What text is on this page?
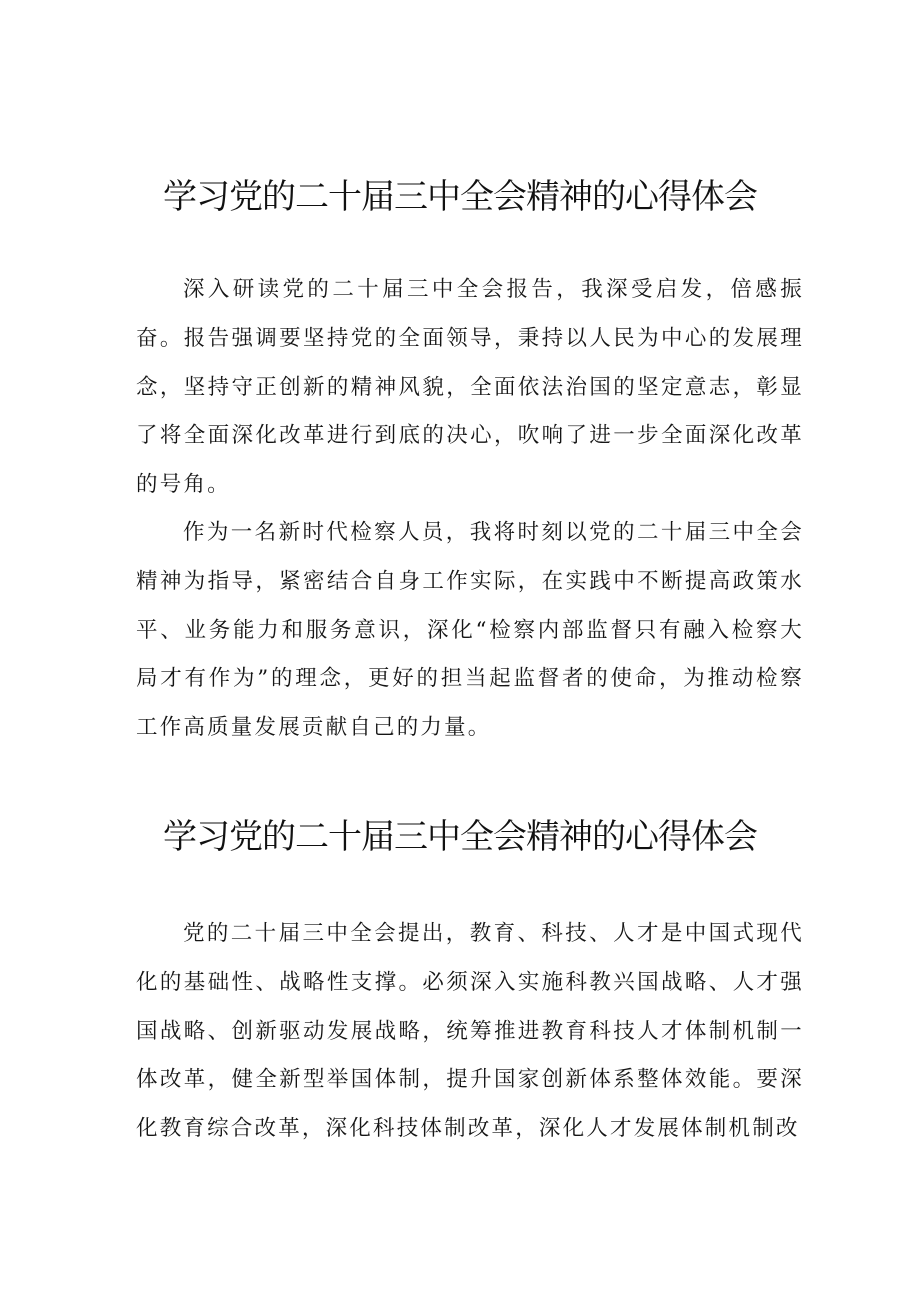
学习党的二十届三中全会精神的心得体会

深入研读党的二十届三中全会报告，我深受启发，倍感振奋。报告强调要坚持党的全面领导，秉持以人民为中心的发展理念，坚持守正创新的精神风貌，全面依法治国的坚定意志，彰显了将全面深化改革进行到底的决心，吹响了进一步全面深化改革的号角。

作为一名新时代检察人员，我将时刻以党的二十届三中全会精神为指导，紧密结合自身工作实际，在实践中不断提高政策水平、业务能力和服务意识，深化“检察内部监督只有融入检察大局才有作为”的理念，更好的担当起监督者的使命，为推动检察工作高质量发展贡献自己的力量。

学习党的二十届三中全会精神的心得体会

党的二十届三中全会提出，教育、科技、人才是中国式现代化的基础性、战略性支撑。必须深入实施科教兴国战略、人才强国战略、创新驱动发展战略，统筹推进教育科技人才体制机制一体改革，健全新型举国体制，提升国家创新体系整体效能。要深化教育综合改革，深化科技体制改革，深化人才发展体制机制改
